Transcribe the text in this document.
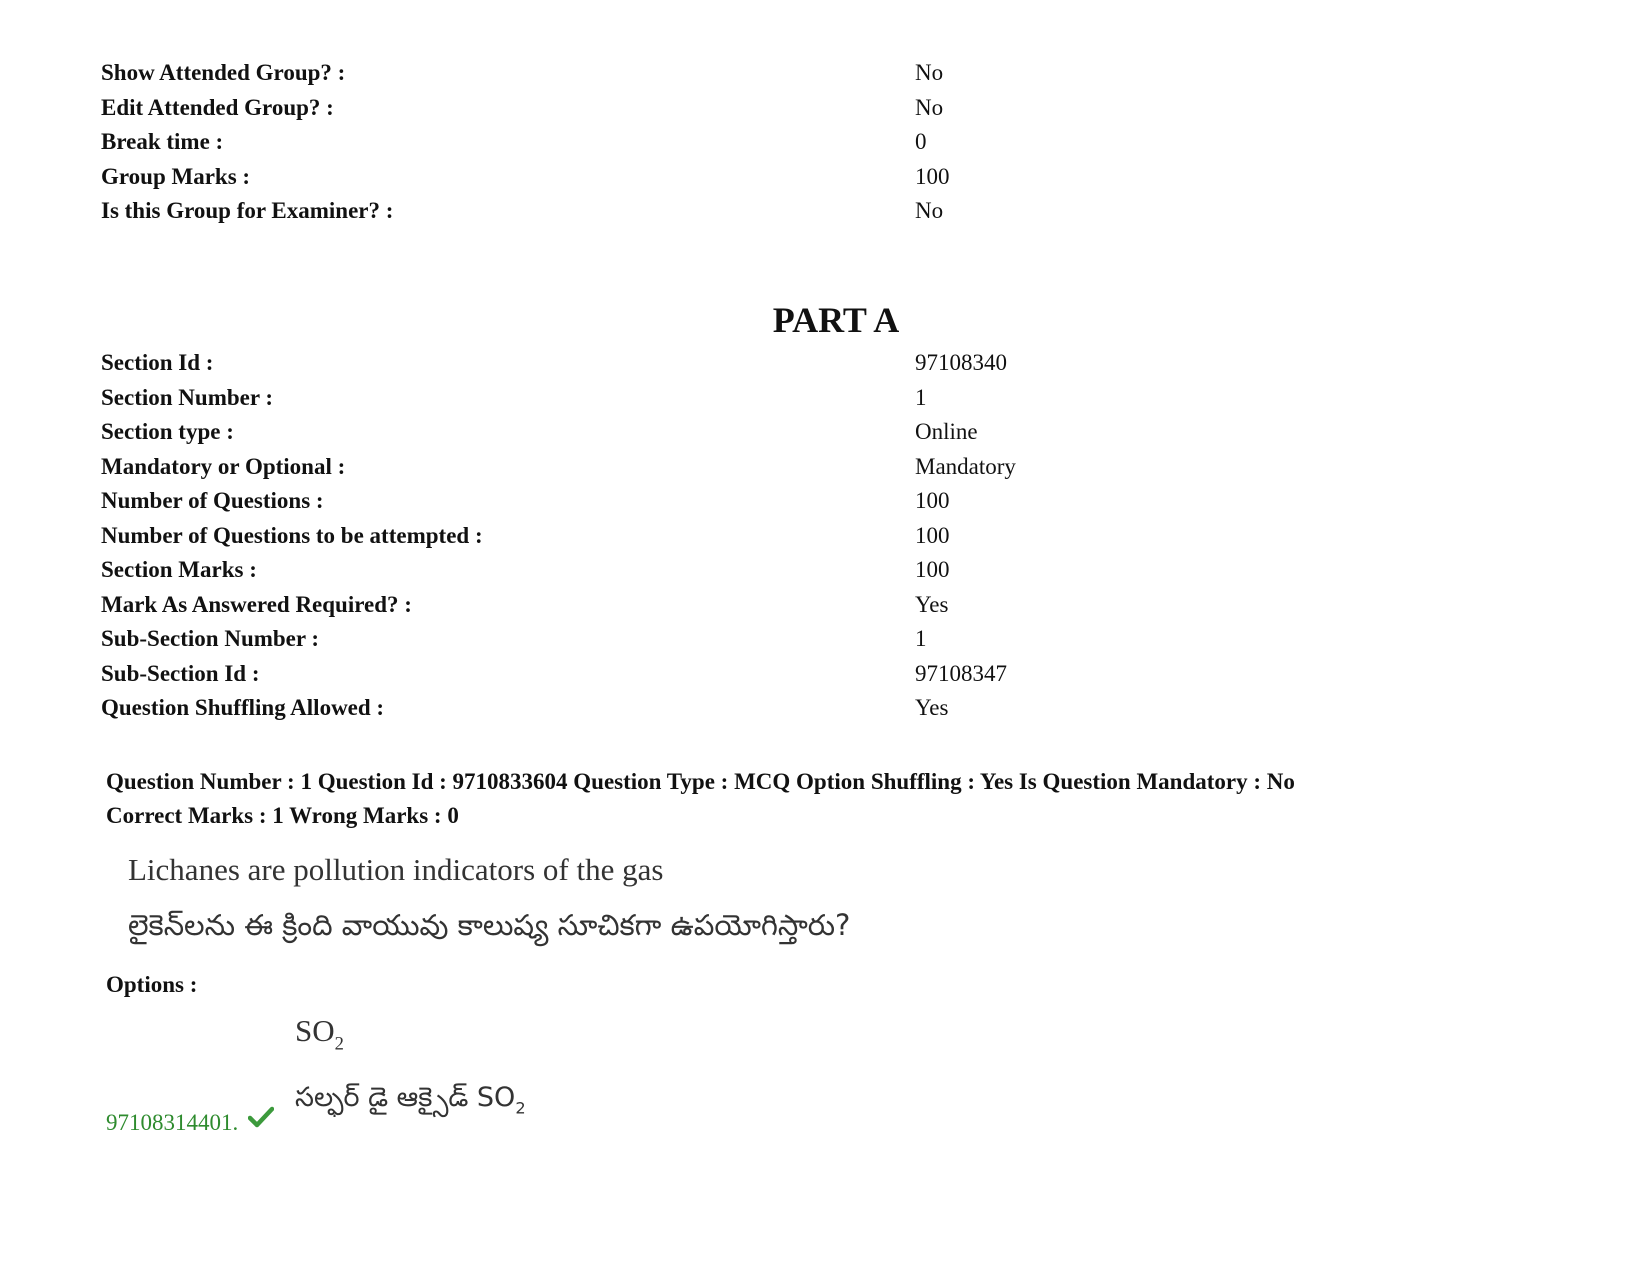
Show Attended Group? :	No
Edit Attended Group? :	No
Break time :	0
Group Marks :	100
Is this Group for Examiner? :	No
PART A
Section Id :	97108340
Section Number :	1
Section type :	Online
Mandatory or Optional :	Mandatory
Number of Questions :	100
Number of Questions to be attempted :	100
Section Marks :	100
Mark As Answered Required? :	Yes
Sub-Section Number :	1
Sub-Section Id :	97108347
Question Shuffling Allowed :	Yes
Question Number : 1 Question Id : 9710833604 Question Type : MCQ Option Shuffling : Yes Is Question Mandatory : No
Correct Marks : 1 Wrong Marks : 0
Lichanes are pollution indicators of the gas
లైకెన్‌లను ఈ క్రింది వాయువు కాలుష్య సూచికగా ఉపయోగిస్తారు?
Options :
97108314401.
$SO_2$
సల్ఫర్ డై ఆక్సైడ్ $SO_2$
